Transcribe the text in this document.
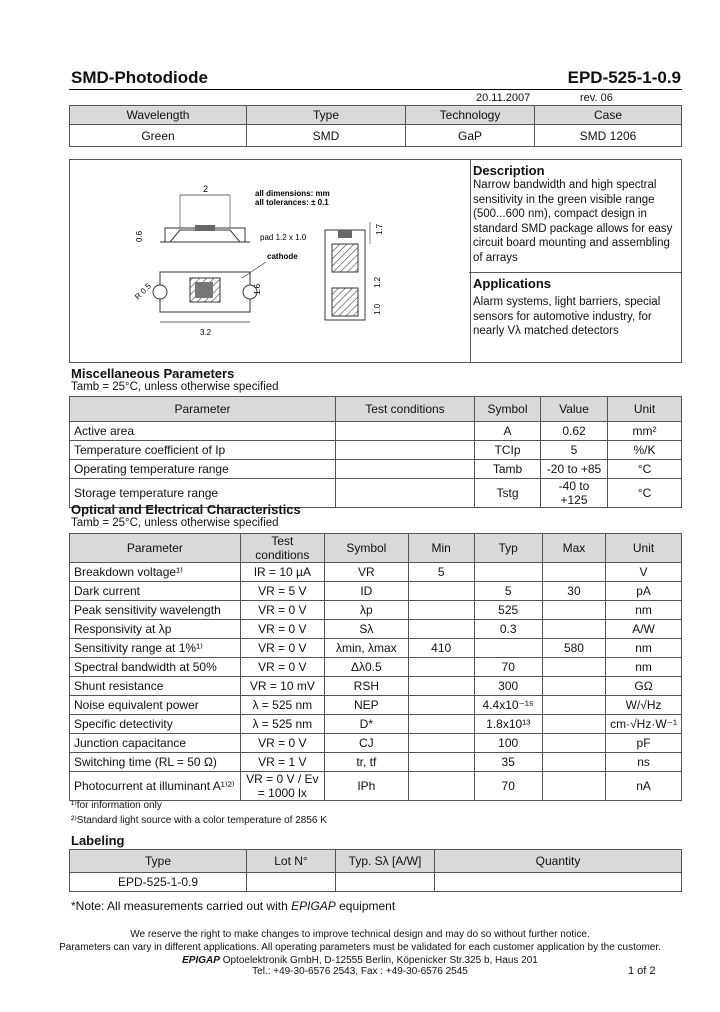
SMD-Photodiode	EPD-525-1-0.9
20.11.2007	rev. 06
Wavelength	Type	Technology	Case
Green	SMD	GaP	SMD 1206
2
0.6
3.2
1.6
R 0.5
all dimensions: mm
all tolerances: ± 0.1
1.7
1.2
1.0
pad 1.2 x 1.0
cathode
Description
Narrow bandwidth and high spectral sensitivity in the green visible range (500...600 nm), compact design in standard SMD package allows for easy circuit board mounting and assembling of arrays
Applications
Alarm systems, light barriers, special sensors for automotive industry, for nearly Vλ matched detectors
Miscellaneous Parameters
Tamb = 25°C, unless otherwise specified
Parameter	Test conditions	Symbol	Value	Unit
Active area		A	0.62	mm²
Temperature coefficient of Ip		TCIp	5	%/K
Operating temperature range		Tamb	-20 to +85	°C
Storage temperature range		Tstg	-40 to +125	°C
Optical and Electrical Characteristics
Tamb = 25°C, unless otherwise specified
Parameter	Test conditions	Symbol	Min	Typ	Max	Unit
Breakdown voltage¹⁾	IR = 10 µA	VR	5			V
Dark current	VR = 5 V	ID		5	30	pA
Peak sensitivity wavelength	VR = 0 V	λp		525		nm
Responsivity at λp	VR = 0 V	Sλ		0.3		A/W
Sensitivity range at 1%¹⁾	VR = 0 V	λmin, λmax	410		580	nm
Spectral bandwidth at 50%	VR = 0 V	Δλ0.5		70		nm
Shunt resistance	VR = 10 mV	RSH		300		GΩ
Noise equivalent power	λ = 525 nm	NEP		4.4x10⁻¹⁵		W/√Hz
Specific detectivity	λ = 525 nm	D*		1.8x10¹³		cm·√Hz·W⁻¹
Junction capacitance	VR = 0 V	CJ		100		pF
Switching time (RL = 50 Ω)	VR = 1 V	tr, tf		35		ns
Photocurrent at illuminant A¹⁾²⁾	VR = 0 V / Ev = 1000 lx	IPh		70		nA
¹⁾for information only
²⁾Standard light source with a color temperature of 2856 K
Labeling
Type	Lot N°	Typ. Sλ [A/W]	Quantity
EPD-525-1-0.9			
*Note: All measurements carried out with EPIGAP equipment
We reserve the right to make changes to improve technical design and may do so without further notice.
Parameters can vary in different applications. All operating parameters must be validated for each customer application by the customer.
EPIGAP Optoelektronik GmbH, D-12555 Berlin, Köpenicker Str.325 b, Haus 201
Tel.: +49-30-6576 2543, Fax : +49-30-6576 2545	1 of 2
